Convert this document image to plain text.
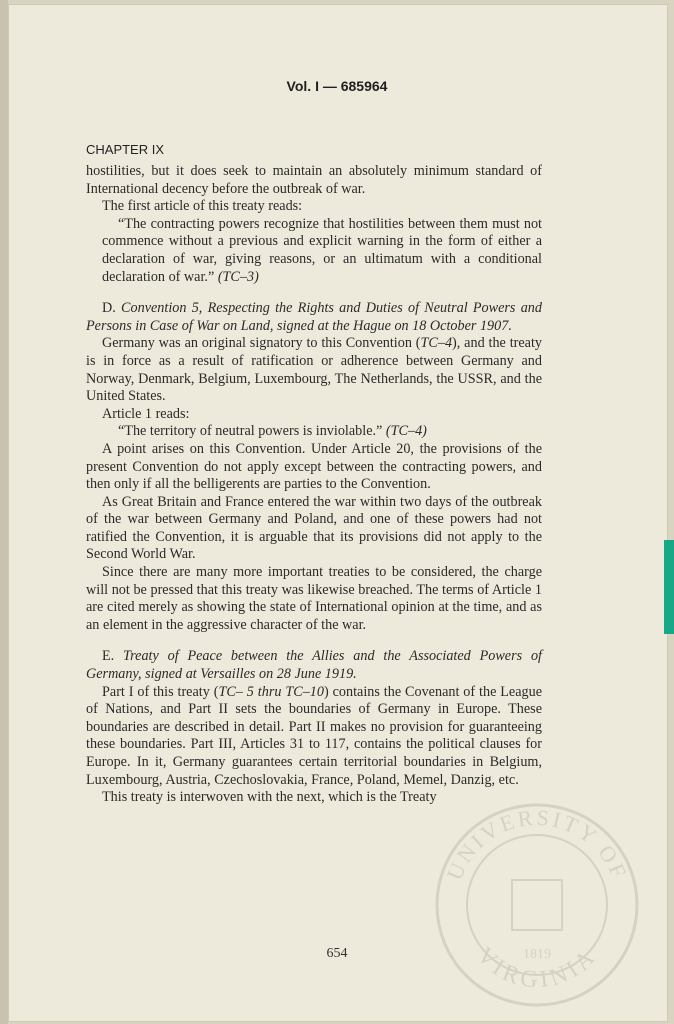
Vol. I — 685964
CHAPTER IX

hostilities, but it does seek to maintain an absolutely minimum standard of International decency before the outbreak of war.

The first article of this treaty reads:

“The contracting powers recognize that hostilities between them must not commence without a previous and explicit warning in the form of either a declaration of war, giving reasons, or an ultimatum with a conditional declaration of war.” (TC–3)

D. Convention 5, Respecting the Rights and Duties of Neutral Powers and Persons in Case of War on Land, signed at the Hague on 18 October 1907.

Germany was an original signatory to this Convention (TC–4), and the treaty is in force as a result of ratification or adherence between Germany and Norway, Denmark, Belgium, Luxembourg, The Netherlands, the USSR, and the United States.

Article 1 reads:

“The territory of neutral powers is inviolable.” (TC–4)

A point arises on this Convention. Under Article 20, the provisions of the present Convention do not apply except between the contracting powers, and then only if all the belligerents are parties to the Convention.

As Great Britain and France entered the war within two days of the outbreak of the war between Germany and Poland, and one of these powers had not ratified the Convention, it is arguable that its provisions did not apply to the Second World War.

Since there are many more important treaties to be considered, the charge will not be pressed that this treaty was likewise breached. The terms of Article 1 are cited merely as showing the state of International opinion at the time, and as an element in the aggressive character of the war.

E. Treaty of Peace between the Allies and the Associated Powers of Germany, signed at Versailles on 28 June 1919.

Part I of this treaty (TC– 5 thru TC–10) contains the Covenant of the League of Nations, and Part II sets the boundaries of Germany in Europe. These boundaries are described in detail. Part II makes no provision for guaranteeing these boundaries. Part III, Articles 31 to 117, contains the political clauses for Europe. In it, Germany guarantees certain territorial boundaries in Belgium, Luxembourg, Austria, Czechoslovakia, France, Poland, Memel, Danzig, etc.

This treaty is interwoven with the next, which is the Treaty

654
UNIVERSITY OF
VIRGINIA
1819
